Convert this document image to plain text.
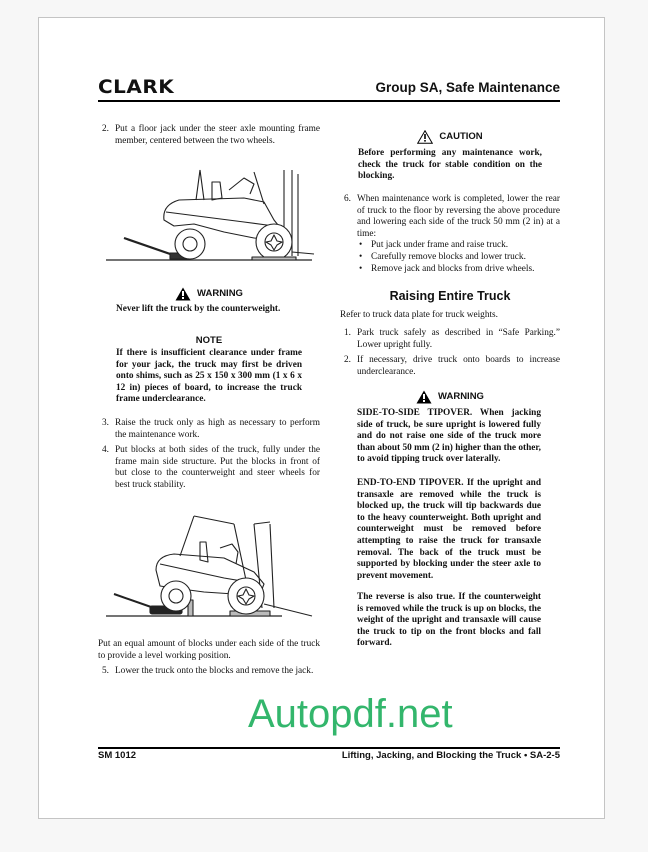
CLARK	Group SA, Safe Maintenance
2. Put a floor jack under the steer axle mounting frame member, centered between the two wheels.
WARNING
Never lift the truck by the counterweight.
NOTE
If there is insufficient clearance under frame for your jack, the truck may first be driven onto shims, such as 25 x 150 x 300 mm (1 x 6 x 12 in) pieces of board, to increase the truck frame underclearance.
3. Raise the truck only as high as necessary to perform the maintenance work.
4. Put blocks at both sides of the truck, fully under the frame main side structure. Put the blocks in front of but close to the counterweight and steer wheels for best truck stability.
Put an equal amount of blocks under each side of the truck to provide a level working position.
5. Lower the truck onto the blocks and remove the jack.
CAUTION
Before performing any maintenance work, check the truck for stable condition on the blocking.
6. When maintenance work is completed, lower the rear of truck to the floor by reversing the above procedure and lowering each side of the truck 50 mm (2 in) at a time:
• Put jack under frame and raise truck.
• Carefully remove blocks and lower truck.
• Remove jack and blocks from drive wheels.
Raising Entire Truck
Refer to truck data plate for truck weights.
1. Park truck safely as described in “Safe Parking.” Lower upright fully.
2. If necessary, drive truck onto boards to increase underclearance.
WARNING
SIDE-TO-SIDE TIPOVER. When jacking side of truck, be sure upright is lowered fully and do not raise one side of the truck more than about 50 mm (2 in) higher than the other, to avoid tipping truck over laterally.
END-TO-END TIPOVER. If the upright and transaxle are removed while the truck is blocked up, the truck will tip backwards due to the heavy counterweight. Both upright and counterweight must be removed before attempting to raise the truck for transaxle removal. The back of the truck must be supported by blocking under the steer axle to prevent movement.
The reverse is also true. If the counterweight is removed while the truck is up on blocks, the weight of the upright and transaxle will cause the truck to tip on the front blocks and fall forward.
Autopdf.net
SM 1012	Lifting, Jacking, and Blocking the Truck • SA-2-5
